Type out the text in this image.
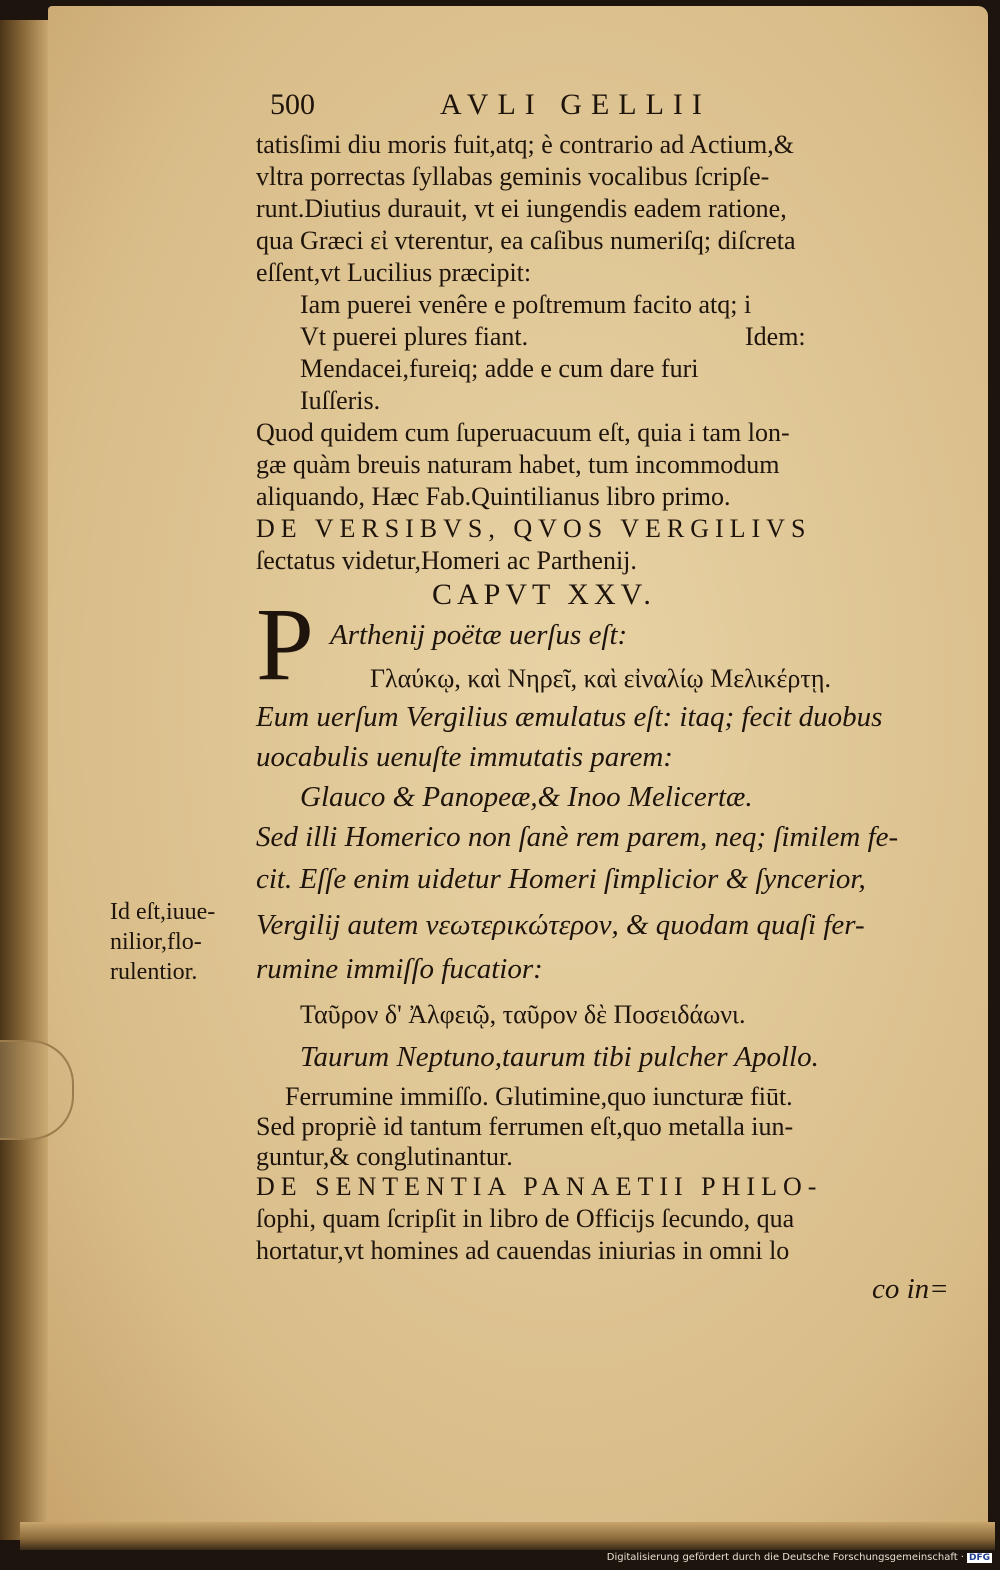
500	AVLI GELLII
tatisſimi diu moris fuit,atq; è contrario ad Actium,&
vltra porrectas ſyllabas geminis vocalibus ſcripſe-
runt.Diutius durauit, vt ei iungendis eadem ratione,
qua Græci εἰ vterentur, ea caſibus numeriſq; diſcreta
eſſent,vt Lucilius præcipit:
Iam puerei venêre e poſtremum facito atq; i
Vt puerei plures fiant.	Idem:
Mendacei,fureiq; adde e cum dare furi
Iuſſeris.
Quod quidem cum ſuperuacuum eſt, quia i tam lon-
gæ quàm breuis naturam habet, tum incommodum
aliquando, Hæc Fab.Quintilianus libro primo.
DE VERSIBVS, QVOS VERGILIVS
ſectatus videtur,Homeri ac Parthenij.
CAPVT XXV.
P Arthenij poëtæ uerſus eſt:
Γλαύκῳ, καὶ Νηρεῖ, καὶ εἰναλίῳ Μελικέρτῃ.
Eum uerſum Vergilius æmulatus eſt: itaq; fecit duobus
uocabulis uenuſte immutatis parem:
Glauco & Panopeæ,& Inoo Melicertæ.
Sed illi Homerico non ſanè rem parem, neq; ſimilem fe-
cit. Eſſe enim uidetur Homeri ſimplicior & ſyncerior,
Vergilij autem νεωτερικώτερον, & quodam quaſi fer-
rumine immiſſo fucatior:
Ταῦρον δ' Ἀλφειῷ, ταῦρον δὲ Ποσειδάωνι.
Taurum Neptuno,taurum tibi pulcher Apollo.
Id eſt,iuue-
nilior,flo-
rulentior.
Ferrumine immiſſo. Glutimine,quo iuncturæ fiūt.
Sed propriè id tantum ferrumen eſt,quo metalla iun-
guntur,& conglutinantur.
DE SENTENTIA PANAETII PHILO-
ſophi, quam ſcripſit in libro de Officijs ſecundo, qua
hortatur,vt homines ad cauendas iniurias in omni lo
co in=
Digitalisierung gefördert durch die Deutsche Forschungsgemeinschaft · DFG
